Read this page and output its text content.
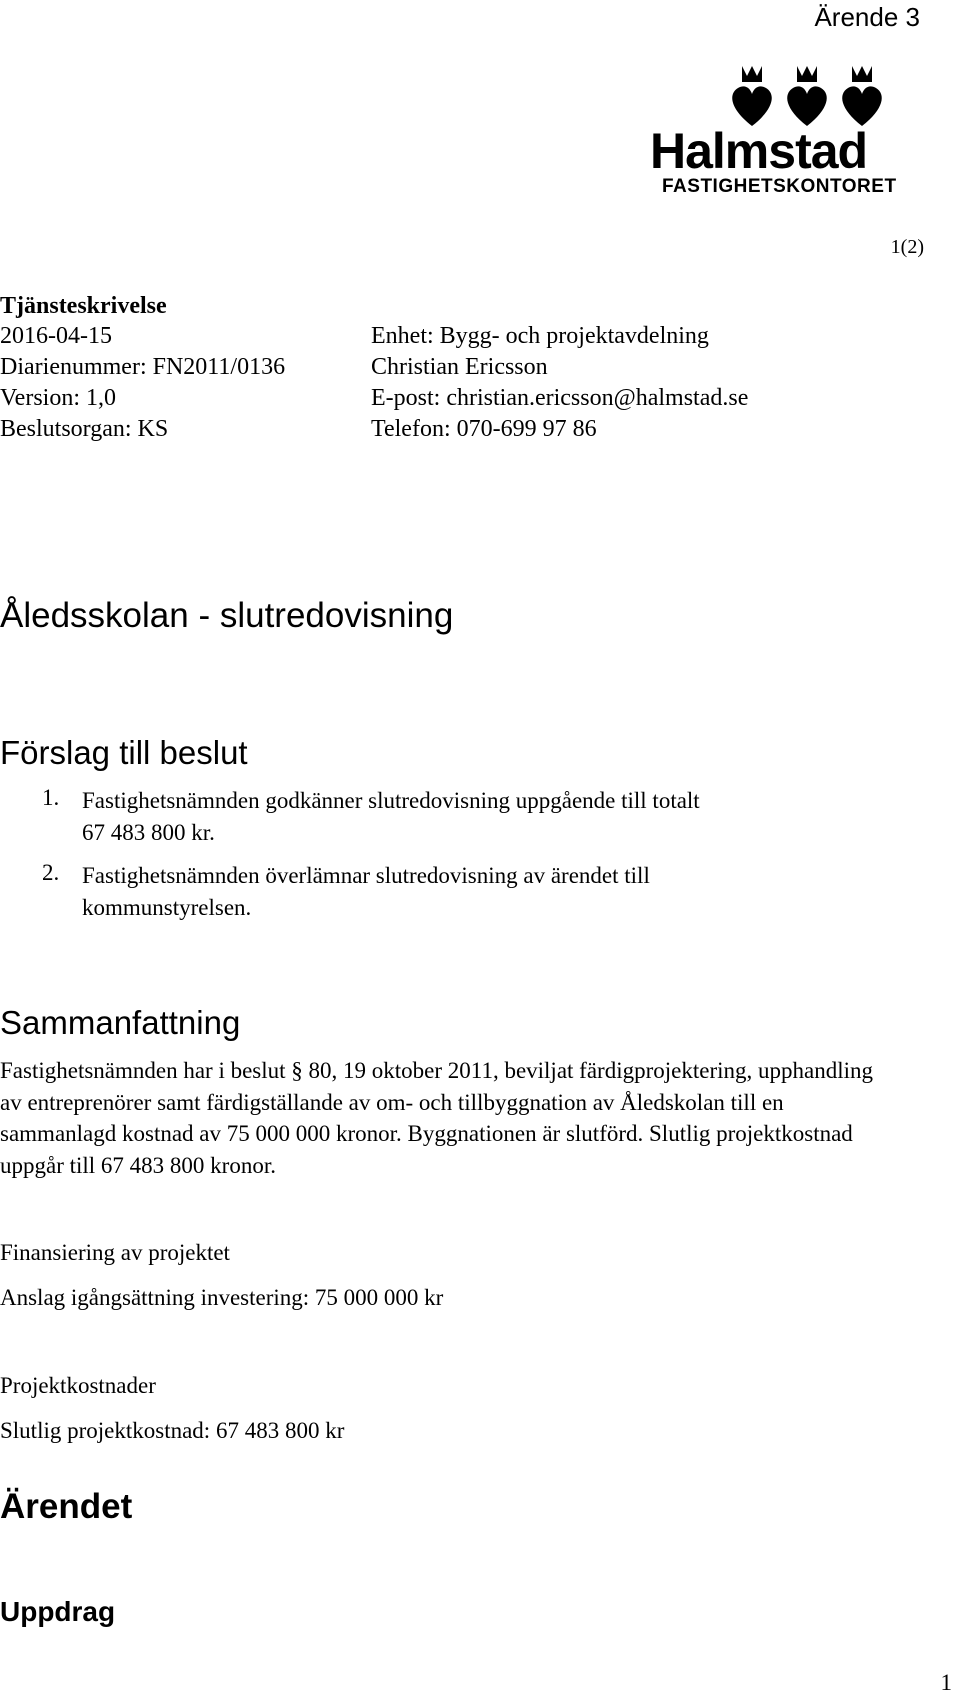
Ärende 3
Halmstad
FASTIGHETSKONTORET
1(2)
Tjänsteskrivelse
2016-04-15
Diarienummer: FN2011/0136
Version: 1,0
Beslutsorgan: KS
Enhet: Bygg- och projektavdelning
Christian Ericsson
E-post: christian.ericsson@halmstad.se
Telefon: 070-699 97 86
Åledsskolan - slutredovisning
Förslag till beslut
1. Fastighetsnämnden godkänner slutredovisning uppgående till totalt
67 483 800 kr.
2. Fastighetsnämnden överlämnar slutredovisning av ärendet till
kommunstyrelsen.
Sammanfattning
Fastighetsnämnden har i beslut § 80, 19 oktober 2011, beviljat färdigprojektering, upphandling av entreprenörer samt färdigställande av om- och tillbyggnation av Åledskolan till en sammanlagd kostnad av 75 000 000 kronor. Byggnationen är slutförd. Slutlig projektkostnad uppgår till 67 483 800 kronor.
Finansiering av projektet
Anslag igångsättning investering: 75 000 000 kr
Projektkostnader
Slutlig projektkostnad: 67 483 800 kr
Ärendet
Uppdrag
1
